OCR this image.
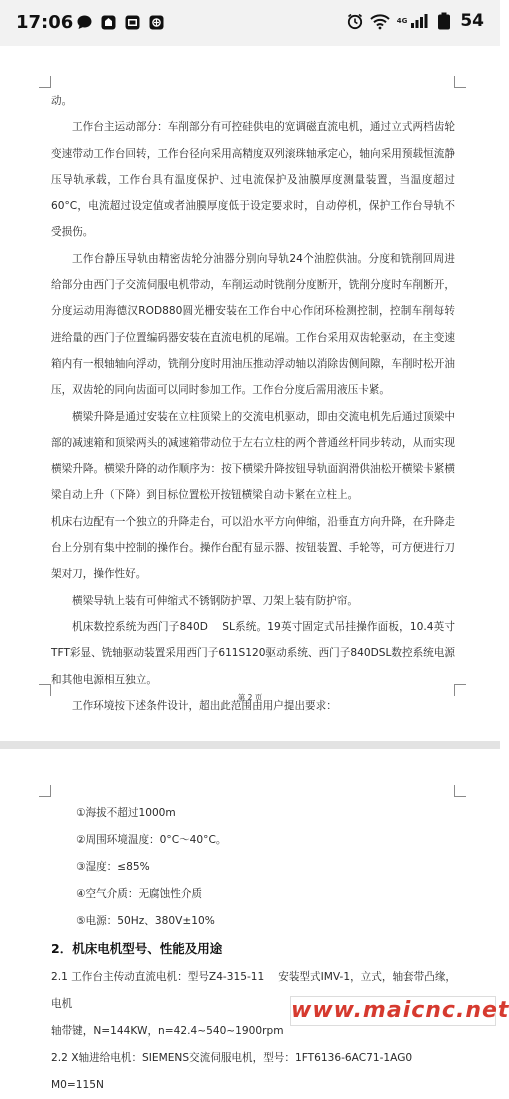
17:06	4G	54

动。

工作台主运动部分：车削部分有可控硅供电的宽调磁直流电机，通过立式两档齿轮变速带动工作台回转，工作台径向采用高精度双列滚珠轴承定心，轴向采用预载恒流静压导轨承载，工作台具有温度保护、过电流保护及油膜厚度测量装置，当温度超过60°C，电流超过设定值或者油膜厚度低于设定要求时，自动停机，保护工作台导轨不受损伤。

工作台静压导轨由精密齿轮分油器分别向导轨24个油腔供油。分度和铣削回周进给部分由西门子交流伺服电机带动，车削运动时铣削分度断开，铣削分度时车削断开，分度运动用海德汉ROD880圆光栅安装在工作台中心作闭环检测控制，控制车削每转进给量的西门子位置编码器安装在直流电机的尾端。工作台采用双齿轮驱动，在主变速箱内有一根轴轴向浮动，铣削分度时用油压推动浮动轴以消除齿侧间隙，车削时松开油压，双齿轮的同向齿面可以同时参加工作。工作台分度后需用液压卡紧。

横梁升降是通过安装在立柱顶梁上的交流电机驱动，即由交流电机先后通过顶梁中部的减速箱和顶梁两头的减速箱带动位于左右立柱的两个普通丝杆同步转动，从而实现横梁升降。横梁升降的动作顺序为：按下横梁升降按钮导轨面润滑供油松开横梁卡紧横梁自动上升（下降）到目标位置松开按钮横梁自动卡紧在立柱上。

机床右边配有一个独立的升降走台，可以沿水平方向伸缩，沿垂直方向升降，在升降走台上分别有集中控制的操作台。操作台配有显示器、按钮装置、手轮等，可方便进行刀架对刀，操作性好。

横梁导轨上装有可伸缩式不锈钢防护罩、刀架上装有防护帘。

机床数控系统为西门子840D　 SL系统。19英寸固定式吊挂操作面板，10.4英寸TFT彩显、铣轴驱动装置采用西门子611S120驱动系统、西门子840DSL数控系统电源和其他电源相互独立。

工作环境按下述条件设计，超出此范围由用户提出要求：

第 2 页
①海拔不超过1000m
②周围环境温度：0°C～40°C。
③湿度：≤85%
④空气介质：无腐蚀性介质
⑤电源：50Hz、380V±10%
2．机床电机型号、性能及用途
2.1 工作台主传动直流电机：型号Z4-315-11　 安装型式IMV-1，立式，轴套带凸缘，　电机
轴带键，N=144KW，n=42.4~540~1900rpm
2.2 X轴进给电机：SIEMENS交流伺服电机，型号：1FT6136-6AC71-1AG0　M0=115N
www.maicnc.net
